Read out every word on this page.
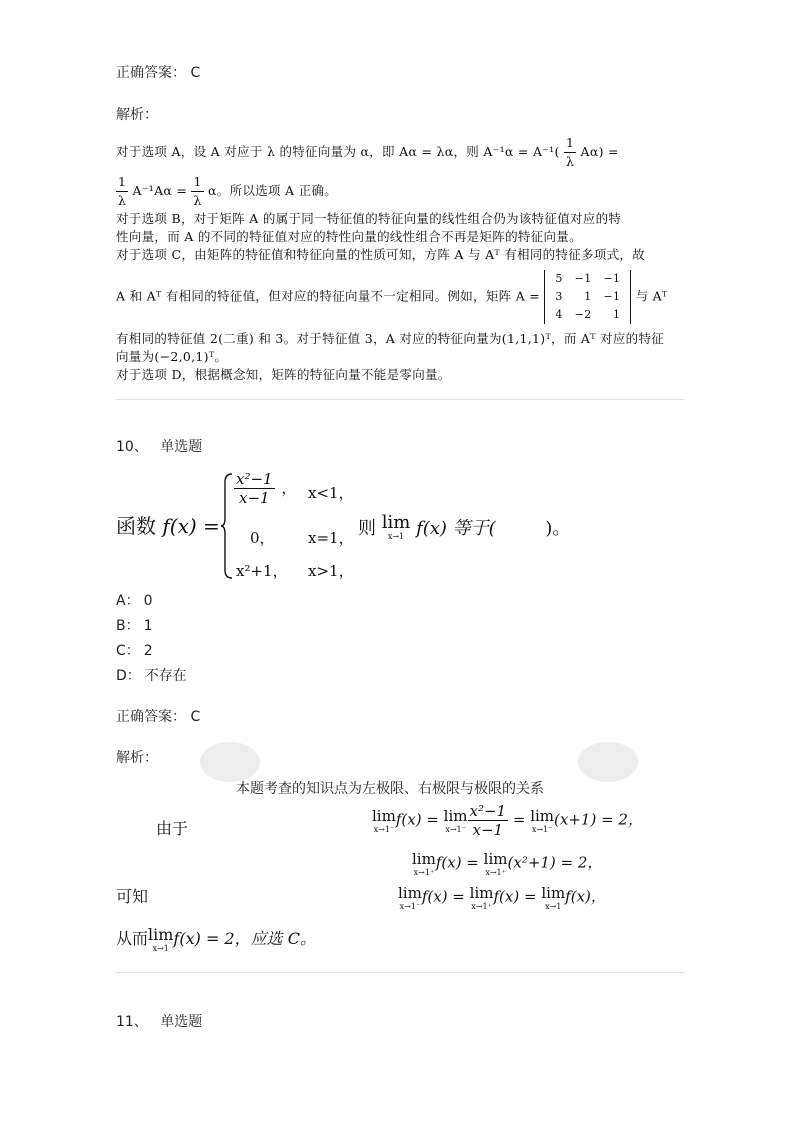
正确答案： C
解析：
对于选项 A，设 A 对应于 λ 的特征向量为 α，即 Aα = λα，则 $A^{-1}\alpha = A^{-1}( \frac{1}{\lambda} A\alpha)$ =
$\frac{1}{\lambda} A^{-1}A\alpha = \frac{1}{\lambda}$ α。所以选项 A 正确。
对于选项 B，对于矩阵 A 的属于同一特征值的特征向量的线性组合仍为该特征值对应的特
性向量，而 A 的不同的特征值对应的特性向量的线性组合不再是矩阵的特征向量。
对于选项 C，由矩阵的特征值和特征向量的性质可知，方阵 A 与 Aᵀ 有相同的特征多项式，故
A 和 Aᵀ 有相同的特征值，但对应的特征向量不一定相同。例如，矩阵 A =
5	−1	−1
3	1	−1
4	−2	1
与 Aᵀ
有相同的特征值 2(二重) 和 3。对于特征值 3，A 对应的特征向量为(1,1,1)ᵀ，而 Aᵀ 对应的特征
向量为(−2,0,1)ᵀ。
对于选项 D，根据概念知，矩阵的特征向量不能是零向量。
10、 单选题
函数 f(x) =
$\frac{\text{x²−1}}{x-1}$ ， x<1，
0， x=1，
x²+1， x>1，
则 lim
x→1 f(x) 等于(	)。
A： 0
B： 1
C： 2
D： 不存在
正确答案： C
解析：
本题考查的知识点为左极限、右极限与极限的关系
由于
lim
x→1⁻
f(x) = lim
$x\to 1^- \frac{\text{x²−1}}{x-1} = \lim$
x→1⁻
(x+1) = 2，
lim
x→1⁺
f(x) = lim
x→1⁺
(x²+1) = 2，
可知	lim
x→1⁻
f(x) = lim
x→1⁺
f(x) = lim
x→1
f(x)，
从而 lim
x→1
f(x) = 2，应选 C。
11、 单选题
